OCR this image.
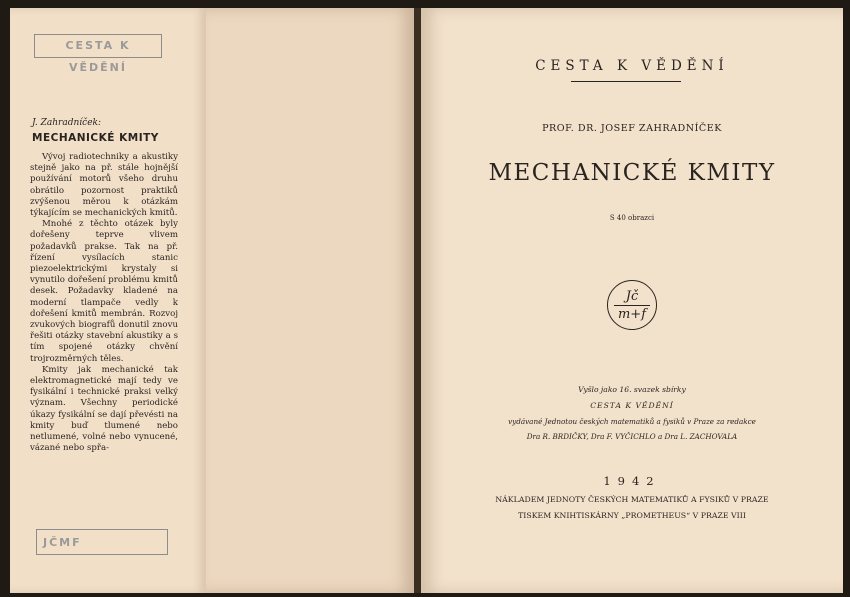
CESTA K VĚDĚNÍ
J. Zahradníček:
MECHANICKÉ KMITY

Vývoj radiotechniky a akustiky stejně jako na př. stále hojnější používání motorů všeho druhu obrátilo pozornost praktiků zvýšenou měrou k otázkám týkajícím se mechanických kmitů.

Mnohé z těchto otázek byly dořešeny teprve vlivem požadavků prakse. Tak na př. řízení vysílacích stanic piezoelektrickými krystaly si vynutilo dořešení problému kmitů desek. Požadavky kladené na moderní tlampače vedly k dořešení kmitů membrán. Rozvoj zvukových biografů donutil znovu řešiti otázky stavební akustiky a s tím spojené otázky chvění trojrozměrných těles.

Kmity jak mechanické tak elektromagnetické mají tedy ve fysikální i technické praksi velký význam. Všechny periodické úkazy fysikální se dají převésti na kmity buď tlumené nebo netlumené, volné nebo vynucené, vázané nebo spřa-

JČMF
CESTA K VĚDĚNÍ
PROF. DR. JOSEF ZAHRADNÍČEK
MECHANICKÉ KMITY
S 40 obrazci
Jč
m+f
Vyšlo jako 16. svazek sbírky
CESTA K VĚDĚNÍ
vydávané Jednotou českých matematiků a fysiků v Praze za redakce
Dra R. BRDIČKY, Dra F. VYČICHLO a Dra L. ZACHOVALA
1942
NÁKLADEM JEDNOTY ČESKÝCH MATEMATIKŮ A FYSIKŮ V PRAZE
TISKEM KNIHTISKÁRNY „PROMETHEUS“ V PRAZE VIII
